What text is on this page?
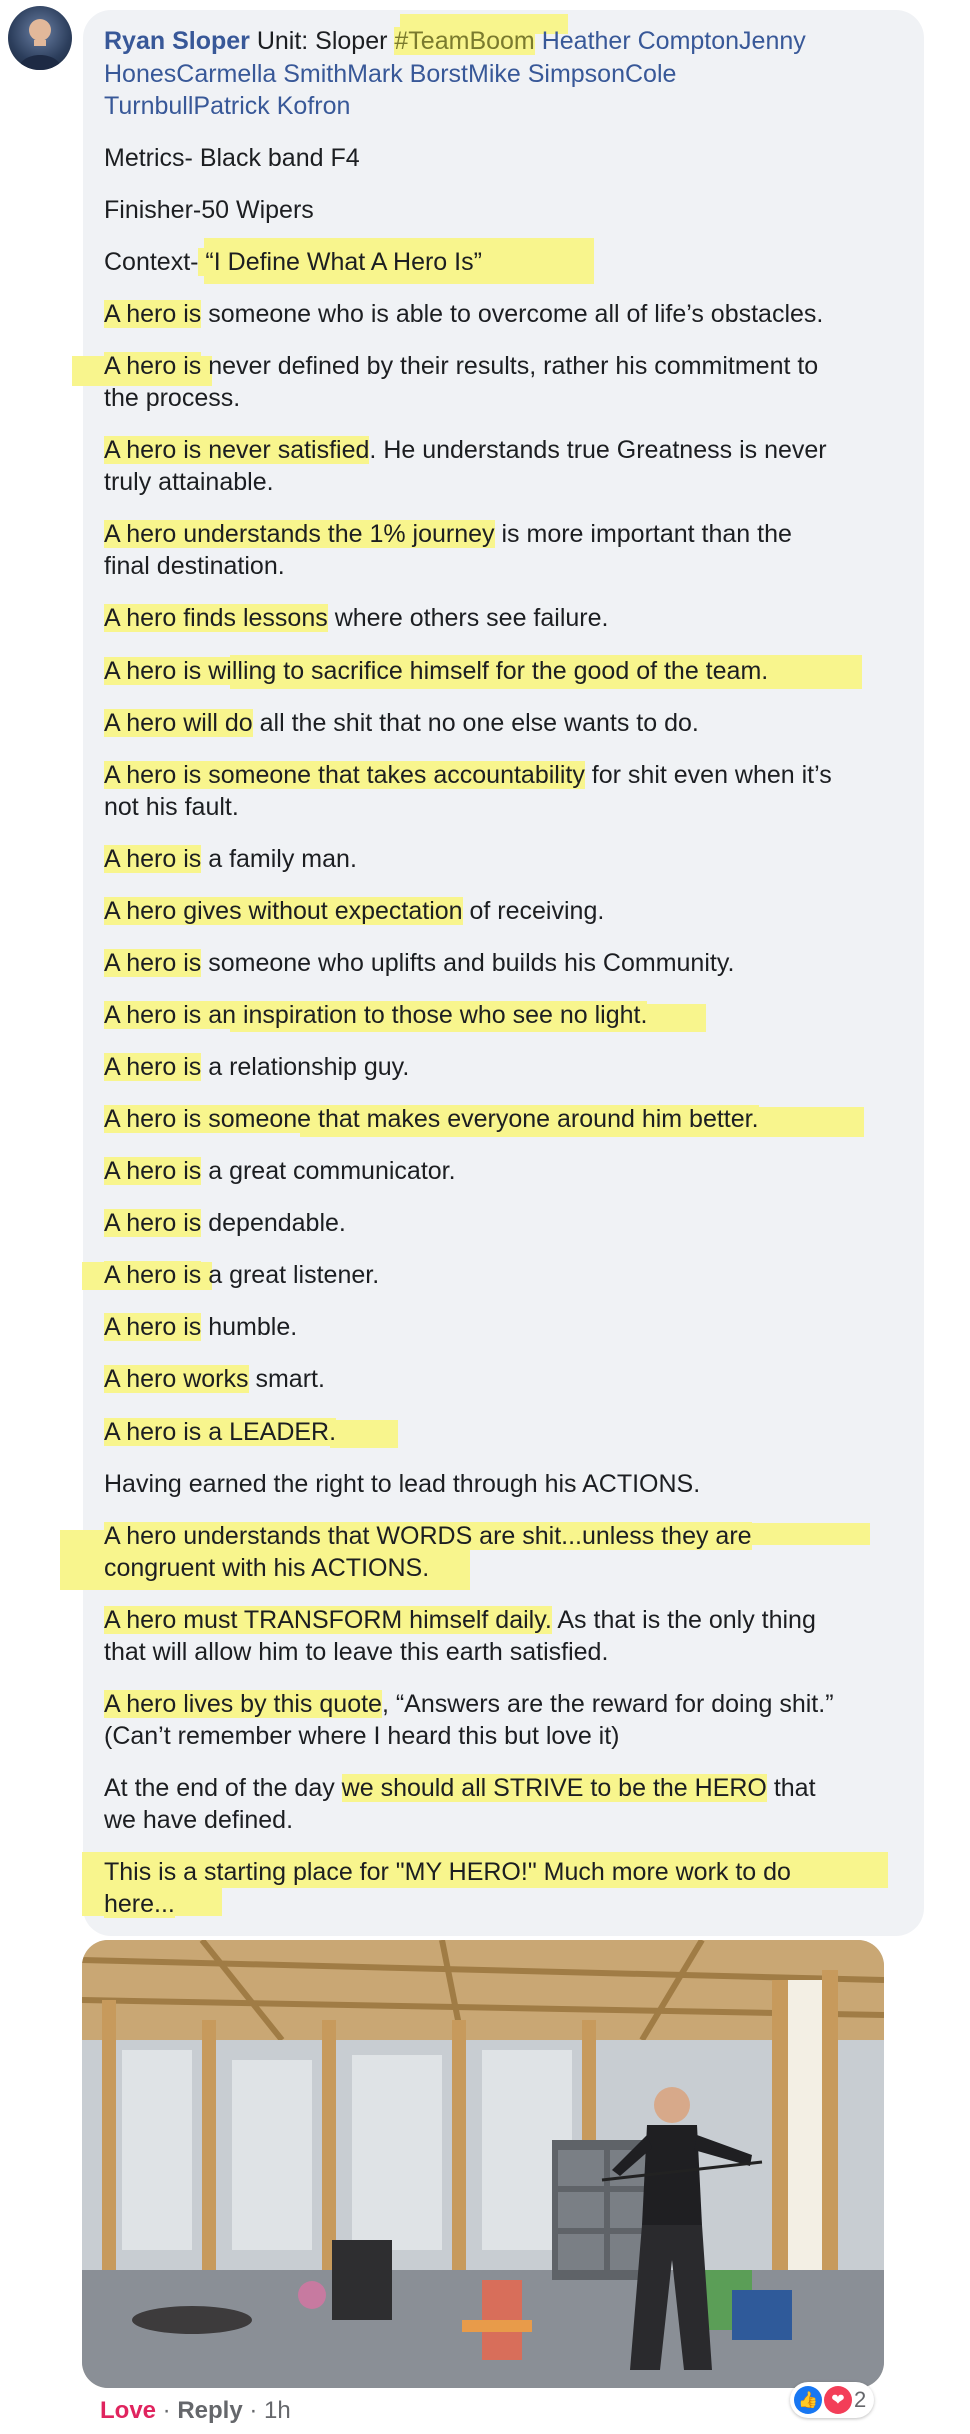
Ryan Sloper Unit: Sloper #TeamBoom Heather ComptonJenny
HonesCarmella SmithMark BorstMike SimpsonCole
TurnbullPatrick Kofron
Metrics- Black band F4
Finisher-50 Wipers
Context- “I Define What A Hero Is”
A hero is someone who is able to overcome all of life’s obstacles.
A hero is never defined by their results, rather his commitment to
the process.
A hero is never satisfied. He understands true Greatness is never
truly attainable.
A hero understands the 1% journey is more important than the
final destination.
A hero finds lessons where others see failure.
A hero is willing to sacrifice himself for the good of the team.
A hero will do all the shit that no one else wants to do.
A hero is someone that takes accountability for shit even when it’s
not his fault.
A hero is a family man.
A hero gives without expectation of receiving.
A hero is someone who uplifts and builds his Community.
A hero is an inspiration to those who see no light.
A hero is a relationship guy.
A hero is someone that makes everyone around him better.
A hero is a great communicator.
A hero is dependable.
A hero is a great listener.
A hero is humble.
A hero works smart.
A hero is a LEADER.
Having earned the right to lead through his ACTIONS.
A hero understands that WORDS are shit...unless they are
congruent with his ACTIONS.
A hero must TRANSFORM himself daily. As that is the only thing
that will allow him to leave this earth satisfied.
A hero lives by this quote, “Answers are the reward for doing shit.”
(Can’t remember where I heard this but love it)
At the end of the day we should all STRIVE to be the HERO that
we have defined.
This is a starting place for "MY HERO!" Much more work to do
here...
👍 ❤ 2
Love · Reply · 1h
